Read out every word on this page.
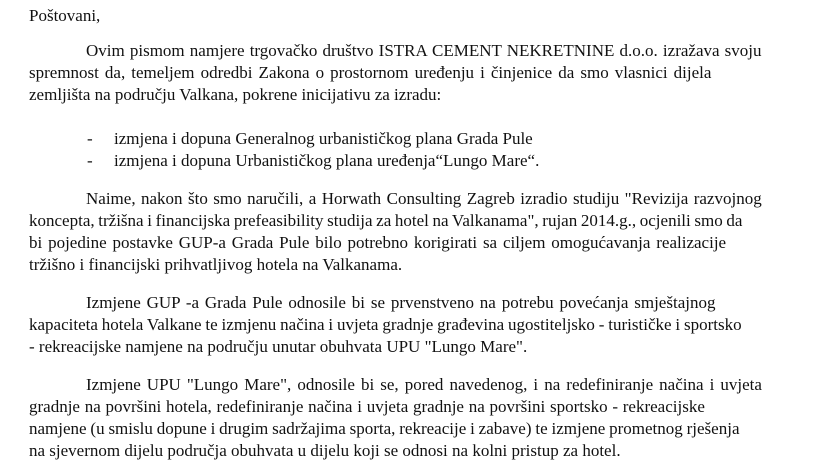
Poštovani,
Ovim pismom namjere trgovačko društvo ISTRA CEMENT NEKRETNINE d.o.o. izražava svoju
spremnost da, temeljem odredbi Zakona o prostornom uređenju i činjenice da smo vlasnici dijela
zemljišta na području Valkana, pokrene inicijativu za izradu:
- izmjena i dopuna Generalnog urbanističkog plana Grada Pule
- izmjena i dopuna Urbanističkog plana uređenja“Lungo Mare“.
Naime, nakon što smo naručili, a Horwath Consulting Zagreb izradio studiju "Revizija razvojnog
koncepta, tržišna i financijska prefeasibility studija za hotel na Valkanama", rujan 2014.g., ocjenili smo da
bi pojedine postavke GUP-a Grada Pule bilo potrebno korigirati sa ciljem omogućavanja realizacije
tržišno i financijski prihvatljivog hotela na Valkanama.
Izmjene GUP -a Grada Pule odnosile bi se prvenstveno na potrebu povećanja smještajnog
kapaciteta hotela Valkane te izmjenu načina i uvjeta gradnje građevina ugostiteljsko - turističke i sportsko
- rekreacijske namjene na području unutar obuhvata UPU "Lungo Mare".
Izmjene UPU "Lungo Mare", odnosile bi se, pored navedenog, i na redefiniranje načina i uvjeta
gradnje na površini hotela, redefiniranje načina i uvjeta gradnje na površini sportsko - rekreacijske
namjene (u smislu dopune i drugim sadržajima sporta, rekreacije i zabave) te izmjene prometnog rješenja
na sjevernom dijelu područja obuhvata u dijelu koji se odnosi na kolni pristup za hotel.
